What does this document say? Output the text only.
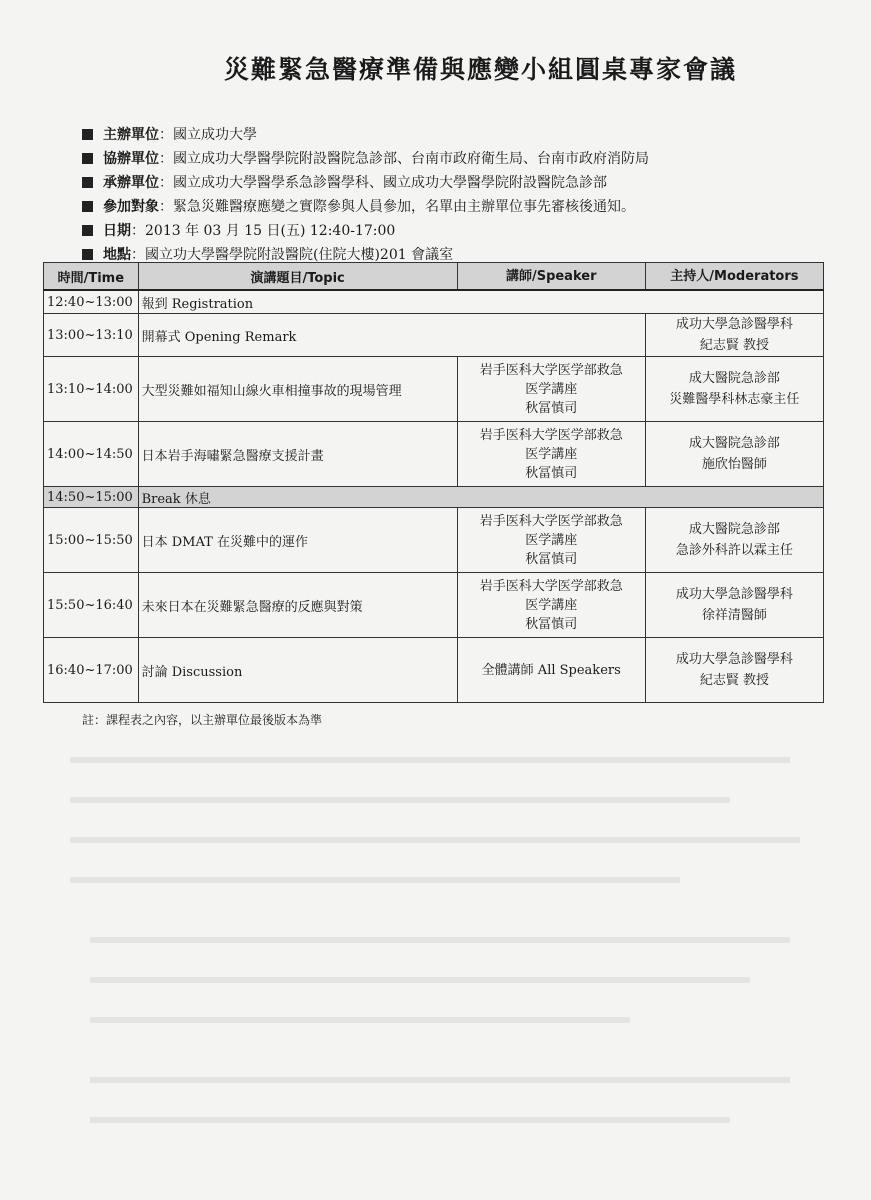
災難緊急醫療準備與應變小組圓桌專家會議
主辦單位：國立成功大學
協辦單位：國立成功大學醫學院附設醫院急診部、台南市政府衛生局、台南市政府消防局
承辦單位：國立成功大學醫學系急診醫學科、國立成功大學醫學院附設醫院急診部
參加對象：緊急災難醫療應變之實際參與人員參加，名單由主辦單位事先審核後通知。
日期：2013 年 03 月 15 日(五) 12:40-17:00
地點：國立功大學醫學院附設醫院(住院大樓)201 會議室
時間/Time	演講題目/Topic	講師/Speaker	主持人/Moderators
12:40~13:00	報到 Registration		
13:00~13:10	開幕式 Opening Remark		成功大學急診醫學科
紀志賢 教授

13:10~14:00	大型災難如福知山線火車相撞事故的現場管理	岩手医科大学医学部救急
医学講座
秋冨慎司	成大醫院急診部
災難醫學科林志豪主任

14:00~14:50	日本岩手海嘯緊急醫療支援計畫	岩手医科大学医学部救急
医学講座
秋冨慎司	成大醫院急診部
施欣怡醫師

14:50~15:00	Break 休息		
15:00~15:50	日本 DMAT 在災難中的運作	岩手医科大学医学部救急
医学講座
秋冨慎司	成大醫院急診部
急診外科許以霖主任

15:50~16:40	未來日本在災難緊急醫療的反應與對策	岩手医科大学医学部救急
医学講座
秋冨慎司	成功大學急診醫學科
徐祥清醫師

16:40~17:00	討論 Discussion	全體講師 All Speakers	成功大學急診醫學科
紀志賢 教授
註：課程表之內容，以主辦單位最後版本為準
